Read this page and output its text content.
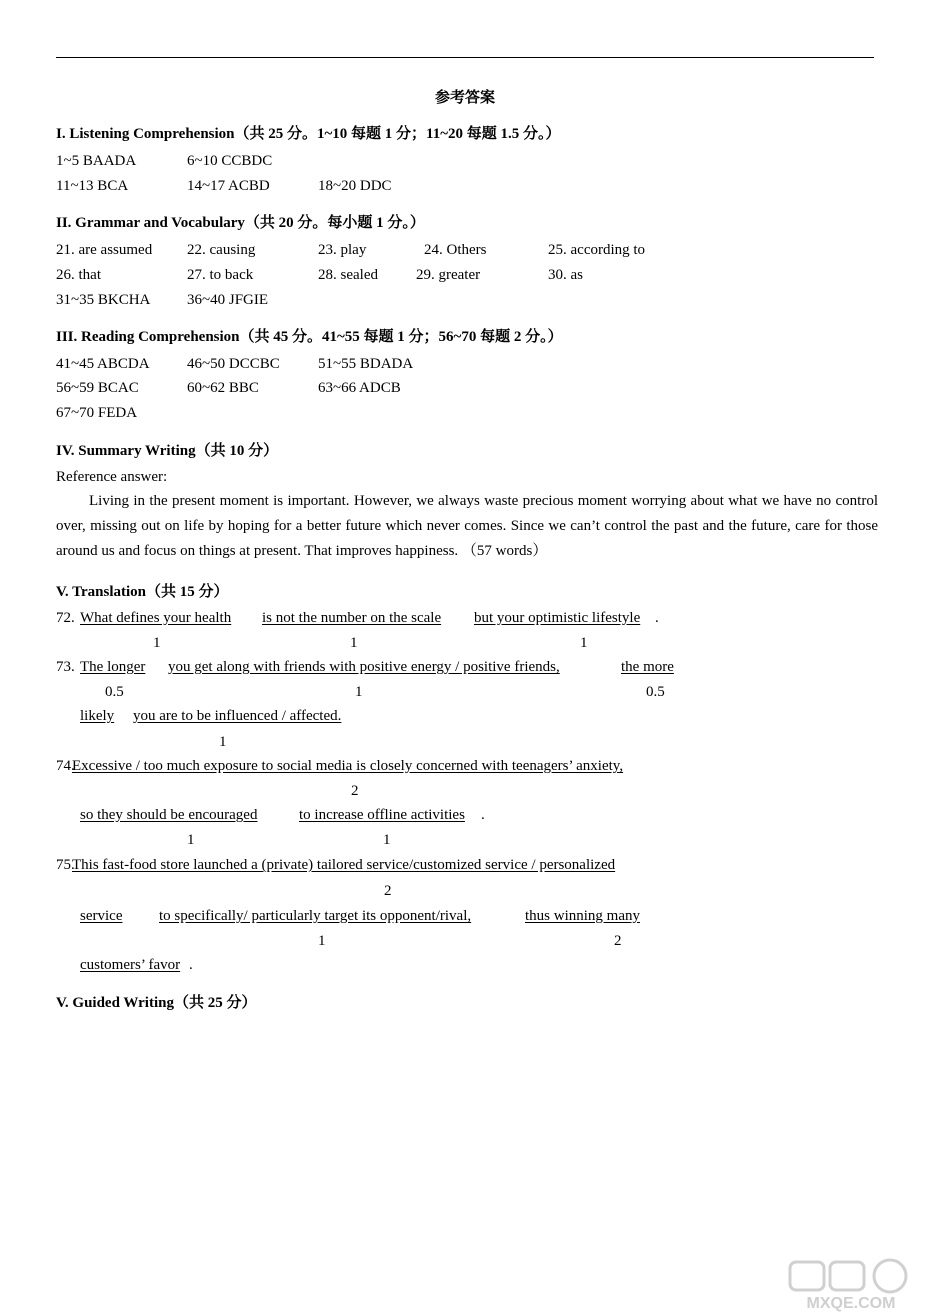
参考答案
I. Listening Comprehension（共 25 分。1~10 每题 1 分；11~20 每题 1.5 分。）
1~5 BAADA	6~10 CCBDC
11~13 BCA	14~17 ACBD	18~20 DDC
II. Grammar and Vocabulary（共 20 分。每小题 1 分。）
21. are assumed 22. causing	23. play	24. Others	25. according to
26. that	27. to back	28. sealed	29. greater	30. as
31~35 BKCHA 36~40 JFGIE
III. Reading Comprehension（共 45 分。41~55 每题 1 分；56~70 每题 2 分。）
41~45 ABCDA 46~50 DCCBC	51~55 BDADA
56~59 BCAC	60~62 BBC	63~66 ADCB
67~70 FEDA
IV. Summary Writing（共 10 分）
Reference answer:
Living in the present moment is important. However, we always waste precious moment worrying about what we have no control over, missing out on life by hoping for a better future which never comes. Since we can’t control the past and the future, care for those around us and focus on things at present. That improves happiness. （57 words）
V. Translation（共 15 分）
72. What defines your health is not the number on the scale but your optimistic lifestyle .
1	1	1
73. The longer you get along with friends with positive energy / positive friends,	the more
0.5	1	0.5
likely you are to be influenced / affected.
1
74.
Excessive / too much exposure to social media is closely concerned with teenagers’ anxiety,
2
so they should be encouraged	to increase offline activities .
1	1
75.
This fast-food store launched a (private) tailored service/customized service / personalized
2
service to specifically/ particularly target its opponent/rival,	thus winning many
1	2
customers’ favor .
V. Guided Writing（共 25 分）
MXQE.COM
